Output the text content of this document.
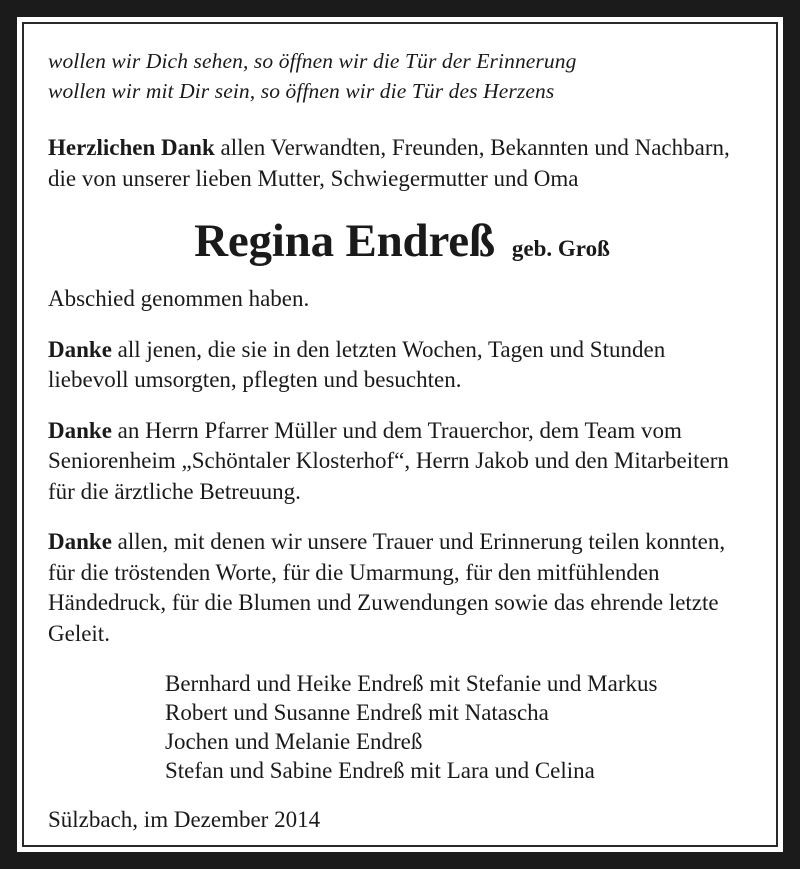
wollen wir Dich sehen, so öffnen wir die Tür der Erinnerung
wollen wir mit Dir sein, so öffnen wir die Tür des Herzens
Herzlichen Dank allen Verwandten, Freunden, Bekannten und Nachbarn, die von unserer lieben Mutter, Schwiegermutter und Oma
Regina Endreß geb. Groß
Abschied genommen haben.
Danke all jenen, die sie in den letzten Wochen, Tagen und Stunden liebevoll umsorgten, pflegten und besuchten.
Danke an Herrn Pfarrer Müller und dem Trauerchor, dem Team vom Seniorenheim „Schöntaler Klosterhof“, Herrn Jakob und den Mitarbeitern für die ärztliche Betreuung.
Danke allen, mit denen wir unsere Trauer und Erinnerung teilen konnten, für die tröstenden Worte, für die Umarmung, für den mitfühlenden Händedruck, für die Blumen und Zuwendungen sowie das ehrende letzte Geleit.
Bernhard und Heike Endreß mit Stefanie und Markus
Robert und Susanne Endreß mit Natascha
Jochen und Melanie Endreß
Stefan und Sabine Endreß mit Lara und Celina
Sülzbach, im Dezember 2014
